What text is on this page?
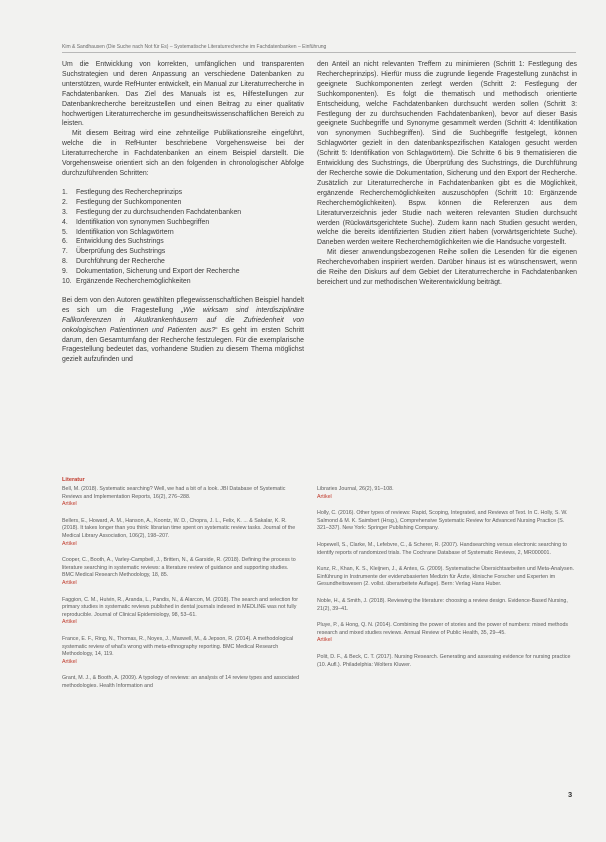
Kim & Sandhausen (Die Suche nach Not für Es) – Systematische Literaturrecherche im Fachdatenbanken – Einführung

Um die Entwicklung von korrekten, umfänglichen und transparenten Suchstrategien und deren Anpassung an verschiedene Datenbanken zu unterstützen, wurde RefHunter entwickelt, ein Manual zur Literaturrecherche in Fachdatenbanken. Das Ziel des Manuals ist es, Hilfestellungen zur Datenbankrecherche bereitzustellen und einen Beitrag zu einer qualitativ hochwertigen Literaturrecherche im gesundheitswissenschaftlichen Bereich zu leisten.

Mit diesem Beitrag wird eine zehnteilige Publikationsreihe eingeführt, welche die in RefHunter beschriebene Vorgehensweise bei der Literaturrecherche in Fachdatenbanken an einem Beispiel darstellt. Die Vorgehensweise orientiert sich an den folgenden in chronologischer Abfolge durchzuführenden Schritten:

1.	Festlegung des Rechercheprinzips
2.	Festlegung der Suchkomponenten
3.	Festlegung der zu durchsuchenden Fachdatenbanken
4.	Identifikation von synonymen Suchbegriffen
5.	Identifikation von Schlagwörtern
6.	Entwicklung des Suchstrings
7.	Überprüfung des Suchstrings
8.	Durchführung der Recherche
9.	Dokumentation, Sicherung und Export der Recherche
10. Ergänzende Recherchemöglichkeiten

Bei dem von den Autoren gewählten pflegewissenschaftlichen Beispiel handelt es sich um die Fragestellung „Wie wirksam sind interdisziplinäre Fallkonferenzen in Akutkrankenhäusern auf die Zufriedenheit von onkologischen Patientinnen und Patienten aus?“ Es geht im ersten Schritt darum, den Gesamtumfang der Recherche festzulegen. Für die exemplarische Fragestellung bedeutet das, vorhandene Studien zu diesem Thema möglichst gezielt aufzufinden und

den Anteil an nicht relevanten Treffern zu minimieren (Schritt 1: Festlegung des Rechercheprinzips). Hierfür muss die zugrunde liegende Fragestellung zunächst in geeignete Suchkomponenten zerlegt werden (Schritt 2: Festlegung der Suchkomponenten). Es folgt die thematisch und methodisch orientierte Entscheidung, welche Fachdatenbanken durchsucht werden sollen (Schritt 3: Festlegung der zu durchsuchenden Fachdatenbanken), bevor auf dieser Basis geeignete Suchbegriffe und Synonyme gesammelt werden (Schritt 4: Identifikation von synonymen Suchbegriffen). Sind die Suchbegriffe festgelegt, können Schlagwörter gezielt in den datenbankspezifischen Katalogen gesucht werden (Schritt 5: Identifikation von Schlagwörtern). Die Schritte 6 bis 9 thematisieren die Entwicklung des Suchstrings, die Überprüfung des Suchstrings, die Durchführung der Recherche sowie die Dokumentation, Sicherung und den Export der Recherche. Zusätzlich zur Literaturrecherche in Fachdatenbanken gibt es die Möglichkeit, ergänzende Recherchemöglichkeiten auszuschöpfen (Schritt 10: Ergänzende Recherchemöglichkeiten). Bspw. können die Referenzen aus dem Literaturverzeichnis jeder Studie nach weiteren relevanten Studien durchsucht werden (Rückwärtsgerichtete Suche). Zudem kann nach Studien gesucht werden, welche die bereits identifizierten Studien zitiert haben (vorwärtsgerichtete Suche). Daneben werden weitere Recherchemöglichkeiten wie die Handsuche vorgestellt.

Mit dieser anwendungsbezogenen Reihe sollen die Lesenden für die eigenen Recherchevorhaben inspiriert werden. Darüber hinaus ist es wünschenswert, wenn die Reihe den Diskurs auf dem Gebiet der Literaturrecherche in Fachdatenbanken bereichert und zur methodischen Weiterentwicklung beiträgt.

Literatur
Bell, M. (2018). Systematic searching? Well, we had a bit of a look. JBI Database of Systematic Reviews and Implementation Reports, 16(2), 276–288.
Artikel
Bellers, E., Howard, A. M., Hanson, A., Koontz, W. D., Chopra, J. L., Felix, K. ... & Sakalar, K. R. (2018). It takes longer than you think: librarian time spent on systematic review tasks. Journal of the Medical Library Association, 106(2), 198–207.
Artikel
Cooper, C., Booth, A., Varley-Campbell, J., Britten, N., & Garside, R. (2018). Defining the process to literature searching in systematic reviews: a literature review of guidance and supporting studies. BMC Medical Research Methodology, 18, 85.
Artikel
Faggion, C. M., Huivin, R., Aranda, L., Pandis, N., & Alarcon, M. (2018). The search and selection for primary studies in systematic reviews published in dental journals indexed in MEDLINE was not fully reproducible. Journal of Clinical Epidemiology, 98, 53–61.
Artikel
France, E. F., Ring, N., Thomas, R., Noyes, J., Maxwell, M., & Jepson, R. (2014). A methodological systematic review of what's wrong with meta-ethnography reporting. BMC Medical Research Methodology, 14, 119.
Artikel
Grant, M. J., & Booth, A. (2009). A typology of reviews: an analysis of 14 review types and associated methodologies. Health Information and
Libraries Journal, 26(2), 91–108.
Artikel
Holly, C. (2016). Other types of reviews: Rapid, Scoping, Integrated, and Reviews of Text. In C. Holly, S. W. Salmond & M. K. Saimbert (Hrsg.), Comprehensive Systematic Review for Advanced Nursing Practice (S. 321–337). New York: Springer Publishing Company.
Hopewell, S., Clarke, M., Lefebvre, C., & Scherer, R. (2007). Handsearching versus electronic searching to identify reports of randomized trials. The Cochrane Database of Systematic Reviews, 2, MR000001.
Kunz, R., Khan, K. S., Kleijnen, J., & Antes, G. (2009). Systematische Übersichtsarbeiten und Meta-Analysen. Einführung in Instrumente der evidenzbasierten Medizin für Ärzte, klinische Forscher und Experten im Gesundheitswesen (2. vollst. überarbeitete Auflage). Bern: Verlag Hans Huber.
Noble, H., & Smith, J. (2018). Reviewing the literature: choosing a review design. Evidence-Based Nursing, 21(2), 39–41.
Pluye, P., & Hong, Q. N. (2014). Combining the power of stories and the power of numbers: mixed methods research and mixed studies reviews. Annual Review of Public Health, 35, 29–45.
Artikel
Polit, D. F., & Beck, C. T. (2017). Nursing Research. Generating and assessing evidence for nursing practice (10. Aufl.). Philadelphia: Wolters Kluwer.
3
